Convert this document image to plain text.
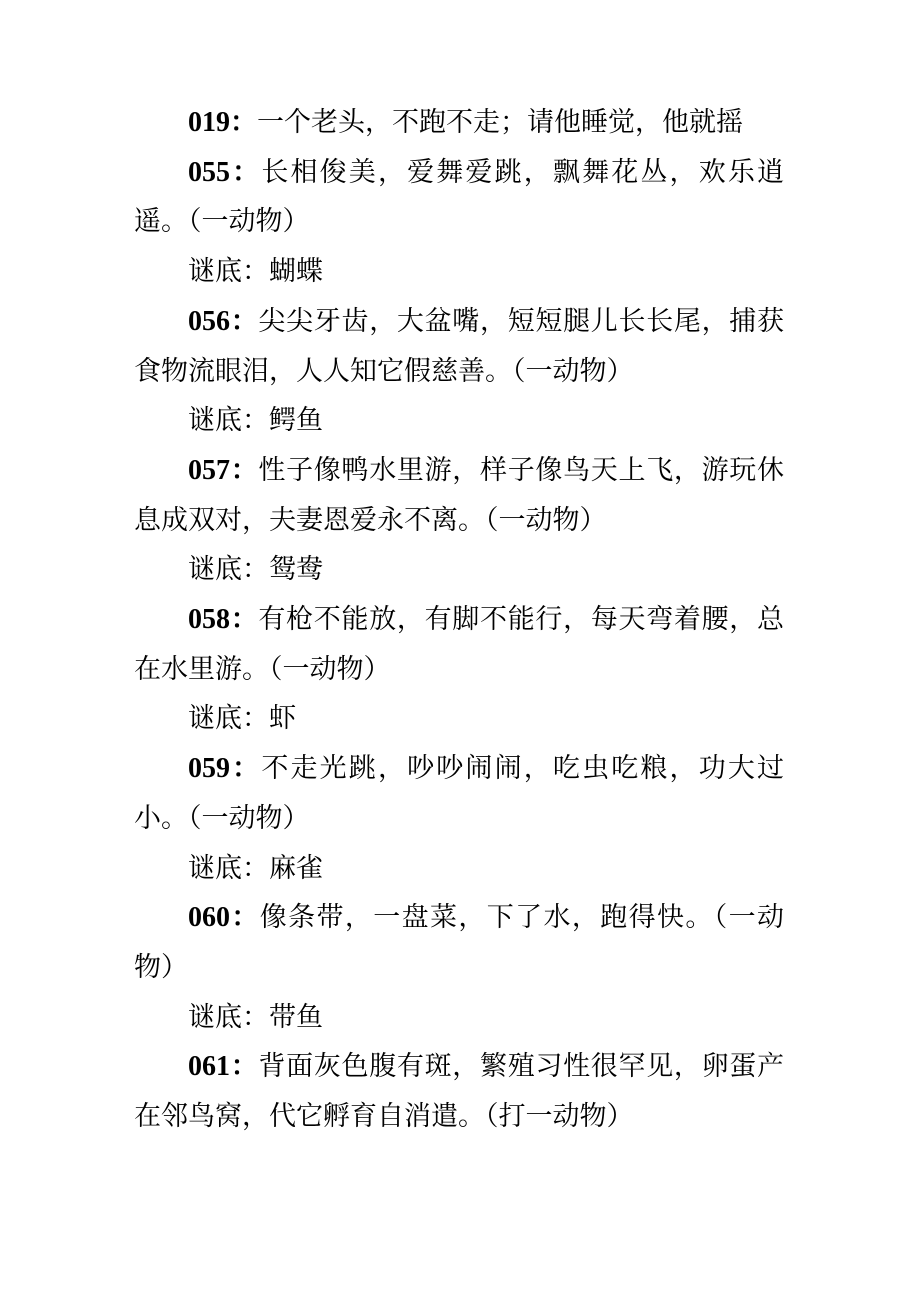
019：一个老头，不跑不走；请他睡觉，他就摇

055：长相俊美，爱舞爱跳，飘舞花丛，欢乐逍遥。（一动物）

谜底：蝴蝶

056：尖尖牙齿，大盆嘴，短短腿儿长长尾，捕获食物流眼泪，人人知它假慈善。（一动物）

谜底：鳄鱼

057：性子像鸭水里游，样子像鸟天上飞，游玩休息成双对，夫妻恩爱永不离。（一动物）

谜底：鸳鸯

058：有枪不能放，有脚不能行，每天弯着腰，总在水里游。（一动物）

谜底：虾

059：不走光跳，吵吵闹闹，吃虫吃粮，功大过小。（一动物）

谜底：麻雀

060：像条带，一盘菜，下了水，跑得快。（一动物）

谜底：带鱼

061：背面灰色腹有斑，繁殖习性很罕见，卵蛋产在邻鸟窝，代它孵育自消遣。（打一动物）
